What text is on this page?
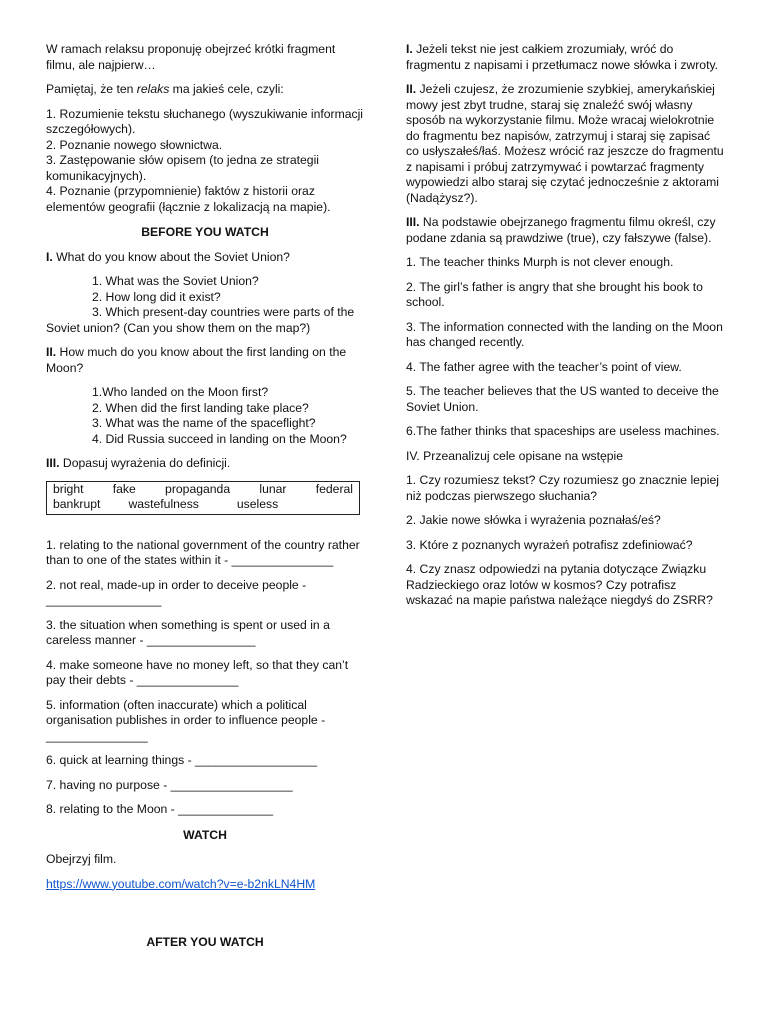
W ramach relaksu proponuję obejrzeć krótki fragment filmu, ale najpierw…

Pamiętaj, że ten relaks ma jakieś cele, czyli:

1. Rozumienie tekstu słuchanego (wyszukiwanie informacji szczegółowych).
2. Poznanie nowego słownictwa.
3. Zastępowanie słów opisem (to jedna ze strategii komunikacyjnych).
4. Poznanie (przypomnienie) faktów z historii oraz elementów geografii (łącznie z lokalizacją na mapie).

BEFORE YOU WATCH

I. What do you know about the Soviet Union?

1. What was the Soviet Union?
2. How long did it exist?
3. Which present-day countries were parts of the
Soviet union? (Can you show them on the map?)

II. How much do you know about the first landing on the Moon?

1.Who landed on the Moon first?
2. When did the first landing take place?
3. What was the name of the spaceflight?
4. Did Russia succeed in landing on the Moon?

III. Dopasuj wyrażenia do definicji.

bright fake propaganda lunar federal
bankrupt wastefulness	useless

1. relating to the national government of the country rather than to one of the states within it - _______________

2. not real, made-up in order to deceive people - _________________

3. the situation when something is spent or used in a careless manner - ________________

4. make someone have no money left, so that they can’t pay their debts - _______________

5. information (often inaccurate) which a political organisation publishes in order to influence people - _______________

6. quick at learning things - __________________

7. having no purpose - __________________

8. relating to the Moon - ______________

WATCH

Obejrzyj film.

https://www.youtube.com/watch?v=e-b2nkLN4HM

AFTER YOU WATCH

I. Jeżeli tekst nie jest całkiem zrozumiały, wróć do fragmentu z napisami i przetłumacz nowe słówka i zwroty.

II. Jeżeli czujesz, że zrozumienie szybkiej, amerykańskiej mowy jest zbyt trudne, staraj się znaleźć swój własny sposób na wykorzystanie filmu. Może wracaj wielokrotnie do fragmentu bez napisów, zatrzymuj i staraj się zapisać co usłyszałeś/łaś. Możesz wrócić raz jeszcze do fragmentu z napisami i próbuj zatrzymywać i powtarzać fragmenty wypowiedzi albo staraj się czytać jednocześnie z aktorami (Nadążysz?).

III. Na podstawie obejrzanego fragmentu filmu określ, czy podane zdania są prawdziwe (true), czy fałszywe (false).

1. The teacher thinks Murph is not clever enough.

2. The girl’s father is angry that she brought his book to school.

3. The information connected with the landing on the Moon has changed recently.

4. The father agree with the teacher’s point of view.

5. The teacher believes that the US wanted to deceive the Soviet Union.

6.The father thinks that spaceships are useless machines.

IV. Przeanalizuj cele opisane na wstępie

1. Czy rozumiesz tekst? Czy rozumiesz go znacznie lepiej niż podczas pierwszego słuchania?

2. Jakie nowe słówka i wyrażenia poznałaś/eś?

3. Które z poznanych wyrażeń potrafisz zdefiniować?

4. Czy znasz odpowiedzi na pytania dotyczące Związku Radzieckiego oraz lotów w kosmos? Czy potrafisz wskazać na mapie państwa należące niegdyś do ZSRR?
